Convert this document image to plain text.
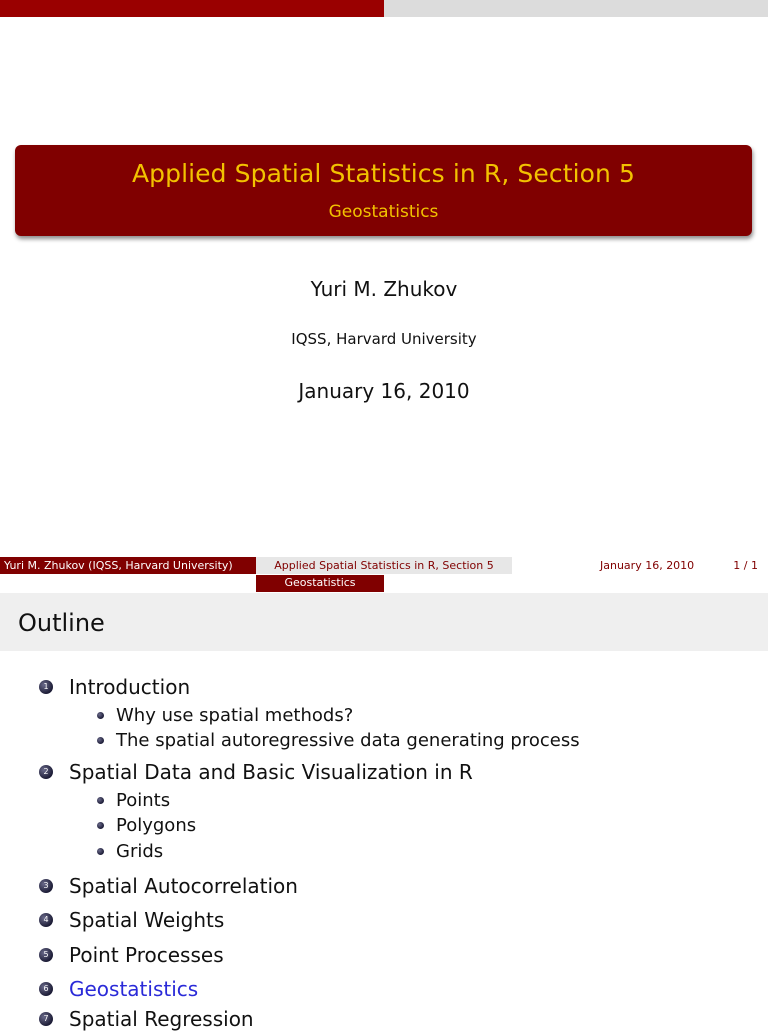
Applied Spatial Statistics in R, Section 5
Geostatistics
Yuri M. Zhukov
IQSS, Harvard University
January 16, 2010
Yuri M. Zhukov (IQSS, Harvard University)	Applied Spatial Statistics in R, Section 5	January 16, 2010	1 / 1
Geostatistics
Outline
1 Introduction
Why use spatial methods?
The spatial autoregressive data generating process
2 Spatial Data and Basic Visualization in R
Points
Polygons
Grids
3 Spatial Autocorrelation
4 Spatial Weights
5 Point Processes
6 Geostatistics
7 Spatial Regression
